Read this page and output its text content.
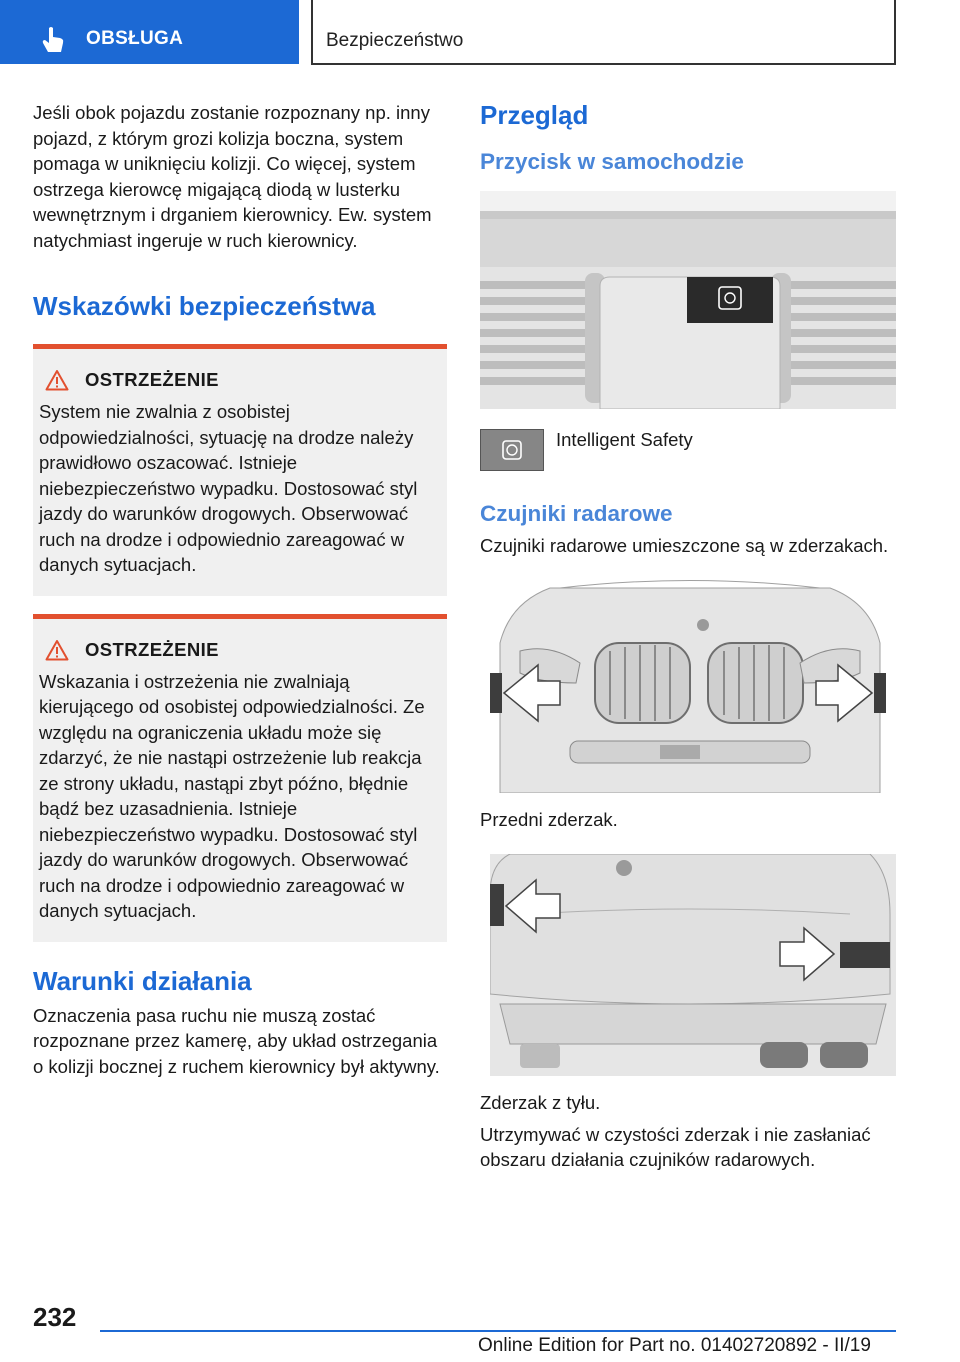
OBSŁUGA	Bezpieczeństwo

Jeśli obok pojazdu zostanie rozpoznany np. inny pojazd, z którym grozi kolizja boczna, system pomaga w uniknięciu kolizji. Co więcej, system ostrzega kierowcę migającą diodą w lusterku wewnętrznym i drganiem kierownicy. Ew. system natychmiast ingeruje w ruch kierownicy.

Wskazówki bezpieczeństwa
OSTRZEŻENIE

System nie zwalnia z osobistej odpowiedzialności, sytuację na drodze należy prawidłowo oszacować. Istnieje niebezpieczeństwo wypadku. Dostosować styl jazdy do warunków drogowych. Obserwować ruch na drodze i odpowiednio zareagować w danych sytuacjach.

OSTRZEŻENIE

Wskazania i ostrzeżenia nie zwalniają kierującego od osobistej odpowiedzialności. Ze względu na ograniczenia układu może się zdarzyć, że nie nastąpi ostrzeżenie lub reakcja ze strony układu, nastąpi zbyt późno, błędnie bądź bez uzasadnienia. Istnieje niebezpieczeństwo wypadku. Dostosować styl jazdy do warunków drogowych. Obserwować ruch na drodze i odpowiednio zareagować w danych sytuacjach.

Warunki działania

Oznaczenia pasa ruchu nie muszą zostać rozpoznane przez kamerę, aby układ ostrzegania o kolizji bocznej z ruchem kierownicy był aktywny.

Przegląd
Przycisk w samochodzie
Intelligent Safety
Czujniki radarowe

Czujniki radarowe umieszczone są w zderzakach.

Przedni zderzak.

Zderzak z tyłu.

Utrzymywać w czystości zderzak i nie zasłaniać obszaru działania czujników radarowych.

232
Online Edition for Part no. 01402720892 - II/19
